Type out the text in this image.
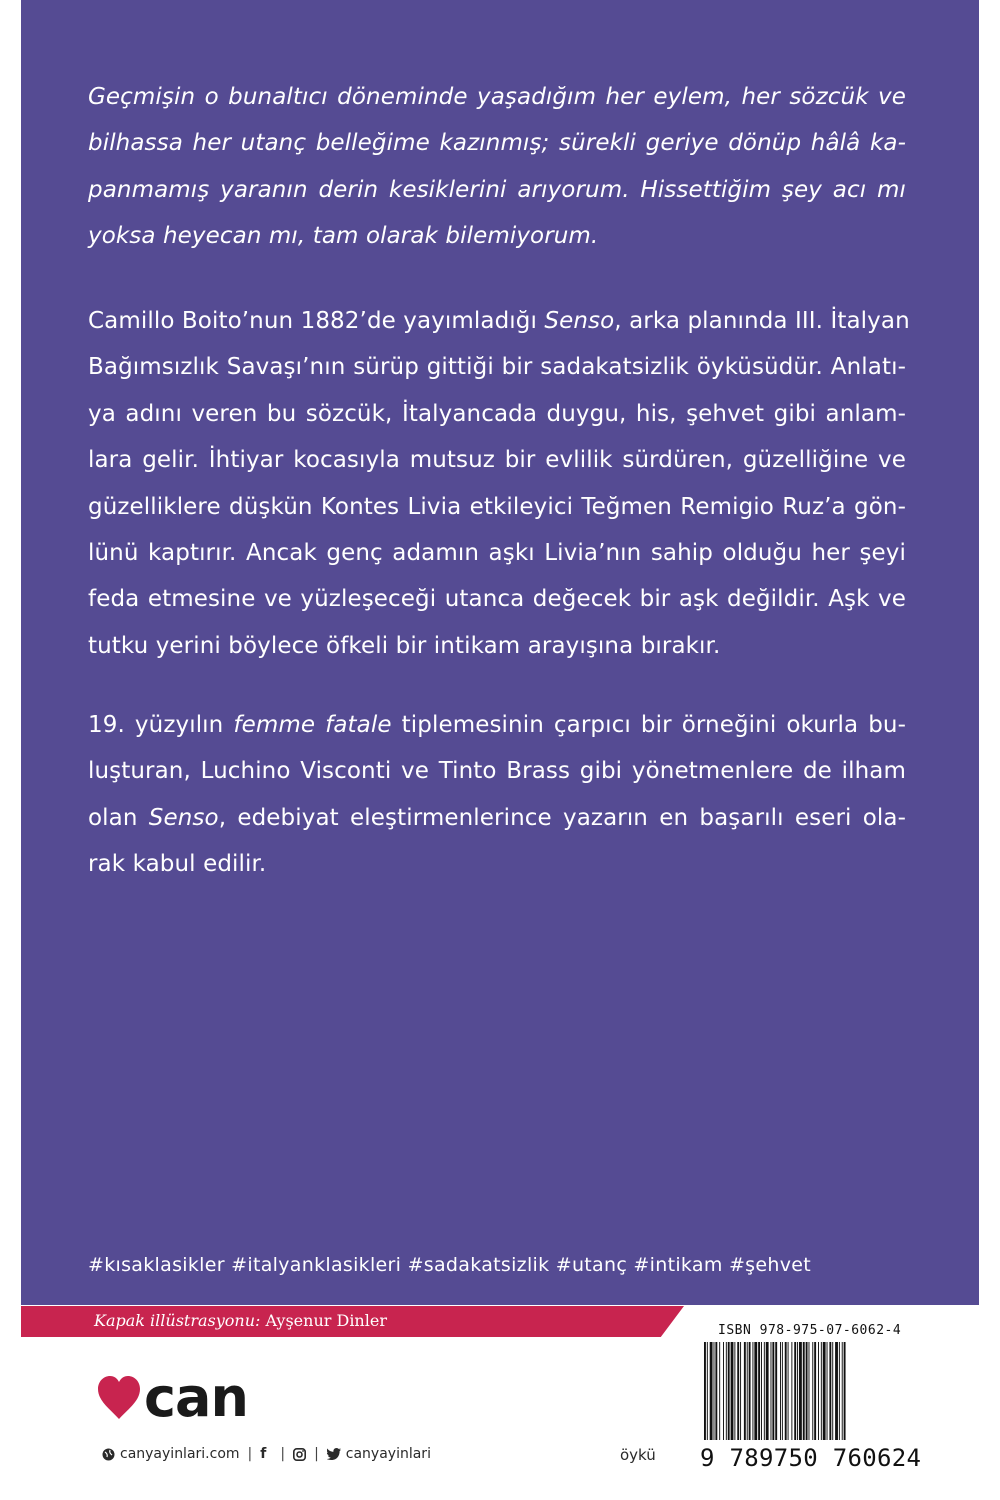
Geçmişin o bunaltıcı döneminde yaşadığım her eylem, her sözcük ve
bilhassa her utanç belleğime kazınmış; sürekli geriye dönüp hâlâ ka-
panmamış yaranın derin kesiklerini arıyorum. Hissettiğim şey acı mı
yoksa heyecan mı, tam olarak bilemiyorum.
Camillo Boito’nun 1882’de yayımladığı Senso, arka planında III. İtalyan
Bağımsızlık Savaşı’nın sürüp gittiği bir sadakatsizlik öyküsüdür. Anlatı-
ya adını veren bu sözcük, İtalyancada duygu, his, şehvet gibi anlam-
lara gelir. İhtiyar kocasıyla mutsuz bir evlilik sürdüren, güzelliğine ve
güzelliklere düşkün Kontes Livia etkileyici Teğmen Remigio Ruz’a gön-
lünü kaptırır. Ancak genç adamın aşkı Livia’nın sahip olduğu her şeyi
feda etmesine ve yüzleşeceği utanca değecek bir aşk değildir. Aşk ve
tutku yerini böylece öfkeli bir intikam arayışına bırakır.
19. yüzyılın femme fatale tiplemesinin çarpıcı bir örneğini okurla bu-
luşturan, Luchino Visconti ve Tinto Brass gibi yönetmenlere de ilham
olan Senso, edebiyat eleştirmenlerince yazarın en başarılı eseri ola-
rak kabul edilir.
#kısaklasikler #italyanklasikleri #sadakatsizlik #utanç #intikam #şehvet
Kapak illüstrasyonu: Ayşenur Dinler
can
canyayinlari.com | f | | canyayinlari	öykü
ISBN 978-975-07-6062-4
9 789750 760624
